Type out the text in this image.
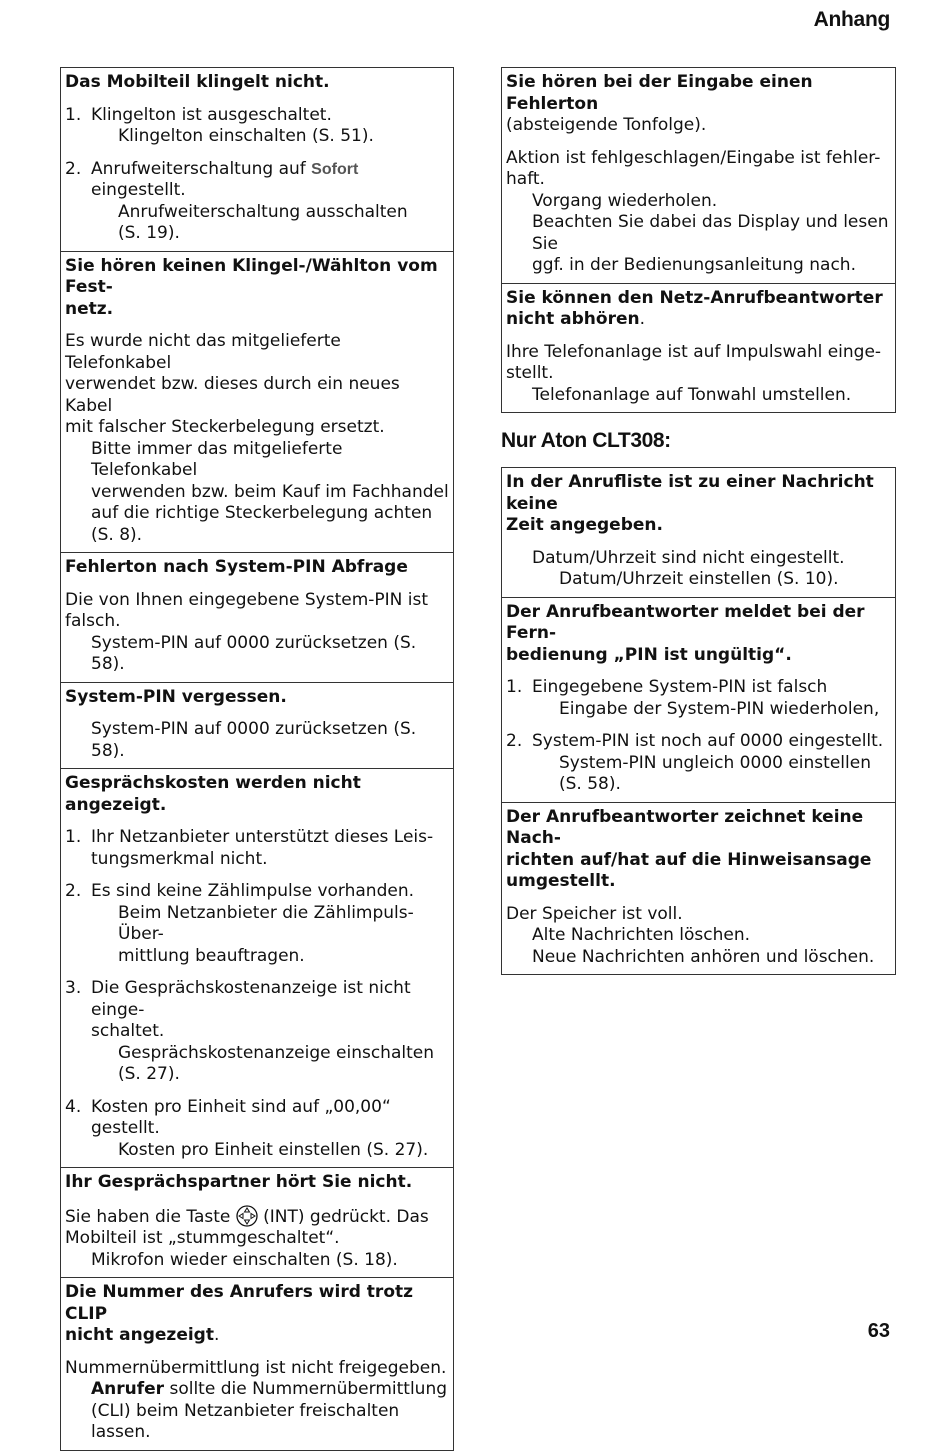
Anhang
Das Mobilteil klingelt nicht.
1. Klingelton ist ausgeschaltet.
Klingelton einschalten (S. 51).
2. Anrufweiterschaltung auf Sofort eingestellt.
Anrufweiterschaltung ausschalten
(S. 19).
Sie hören keinen Klingel-/Wählton vom Fest-
netz.
Es wurde nicht das mitgelieferte Telefonkabel
verwendet bzw. dieses durch ein neues Kabel
mit falscher Steckerbelegung ersetzt.
Bitte immer das mitgelieferte Telefonkabel
verwenden bzw. beim Kauf im Fachhandel
auf die richtige Steckerbelegung achten
(S. 8).
Fehlerton nach System-PIN Abfrage
Die von Ihnen eingegebene System-PIN ist
falsch.
System-PIN auf 0000 zurücksetzen (S. 58).
System-PIN vergessen.
System-PIN auf 0000 zurücksetzen (S. 58).
Gesprächskosten werden nicht angezeigt.
1. Ihr Netzanbieter unterstützt dieses Leis-
tungsmerkmal nicht.
2. Es sind keine Zählimpulse vorhanden.
Beim Netzanbieter die Zählimpuls-Über-
mittlung beauftragen.
3. Die Gesprächskostenanzeige ist nicht einge-
schaltet.
Gesprächskostenanzeige einschalten
(S. 27).
4. Kosten pro Einheit sind auf „00,00“ gestellt.
Kosten pro Einheit einstellen (S. 27).
Ihr Gesprächspartner hört Sie nicht.
Sie haben die Taste  (INT) gedrückt. Das
Mobilteil ist „stummgeschaltet“.
Mikrofon wieder einschalten (S. 18).
Die Nummer des Anrufers wird trotz CLIP
nicht angezeigt.
Nummernübermittlung ist nicht freigegeben.
Anrufer sollte die Nummernübermittlung
(CLI) beim Netzanbieter freischalten lassen.
Sie hören bei der Eingabe einen Fehlerton
(absteigende Tonfolge).
Aktion ist fehlgeschlagen/Eingabe ist fehler-
haft.
Vorgang wiederholen.
Beachten Sie dabei das Display und lesen Sie
ggf. in der Bedienungsanleitung nach.
Sie können den Netz-Anrufbeantworter
nicht abhören.
Ihre Telefonanlage ist auf Impulswahl einge-
stellt.
Telefonanlage auf Tonwahl umstellen.
Nur Aton CLT308:
In der Anrufliste ist zu einer Nachricht keine
Zeit angegeben.
Datum/Uhrzeit sind nicht eingestellt.
Datum/Uhrzeit einstellen (S. 10).
Der Anrufbeantworter meldet bei der Fern-
bedienung „PIN ist ungültig“.
1. Eingegebene System-PIN ist falsch
Eingabe der System-PIN wiederholen,
2. System-PIN ist noch auf 0000 eingestellt.
System-PIN ungleich 0000 einstellen
(S. 58).
Der Anrufbeantworter zeichnet keine Nach-
richten auf/hat auf die Hinweisansage
umgestellt.
Der Speicher ist voll.
Alte Nachrichten löschen.
Neue Nachrichten anhören und löschen.
63
